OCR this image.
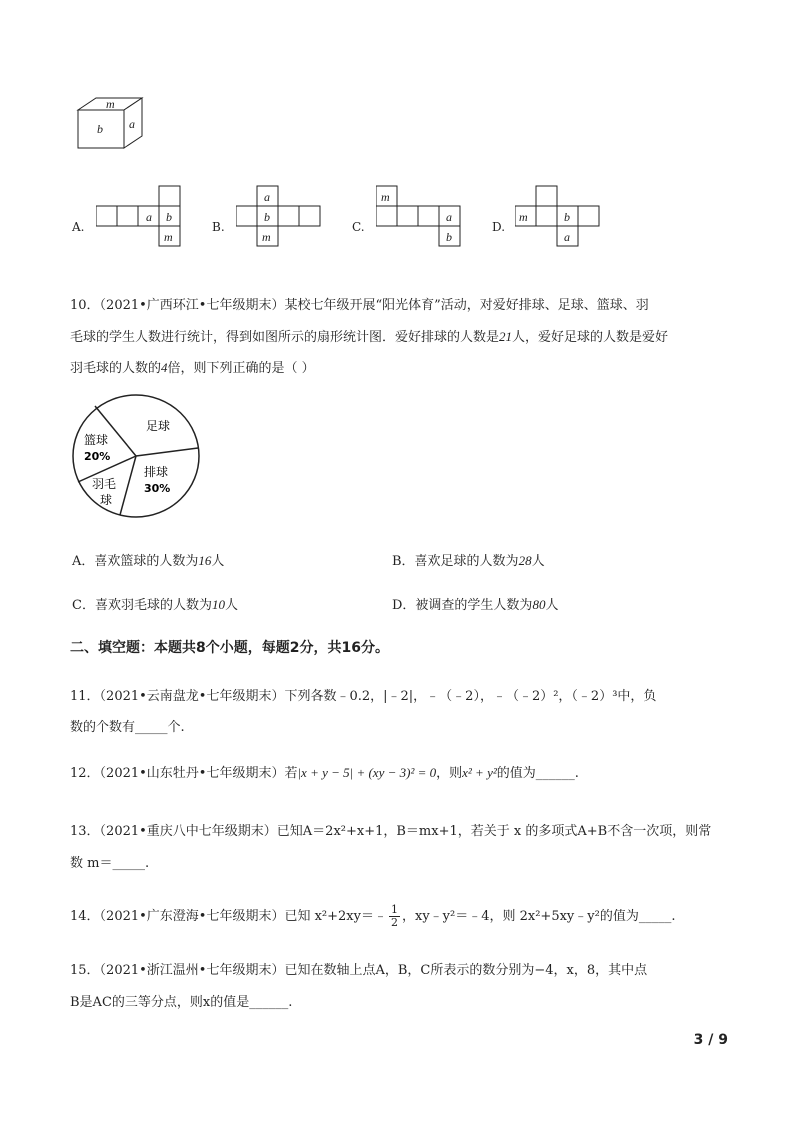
m
b a
A.
a b
m
B.
a
b
m
C.
m
a
b
D.
m	b
a
10．（2021•广西环江•七年级期末）某校七年级开展“阳光体育”活动，对爱好排球、足球、篮球、羽
毛球的学生人数进行统计，得到如图所示的扇形统计图．爱好排球的人数是21人，爱好足球的人数是爱好
羽毛球的人数的4倍，则下列正确的是（ ）
足球
篮球
20%
羽毛
球
排球
30%
A．喜欢篮球的人数为16人	B．喜欢足球的人数为28人
C．喜欢羽毛球的人数为10人	D．被调查的学生人数为80人
二、填空题：本题共8个小题，每题2分，共16分。
11．（2021•云南盘龙•七年级期末）下列各数﹣0.2，|﹣2|，﹣（﹣2），﹣（﹣2）²，（﹣2）³中，负
数的个数有_____个.
12．（2021•山东牡丹•七年级期末）若|x + y − 5| + (xy − 3)² = 0，则x² + y²的值为______.
13．（2021•重庆八中七年级期末）已知A＝2x²+x+1，B＝mx+1，若关于 x 的多项式A+B不含一次项，则常
数 m＝_____.
14．（2021•广东澄海•七年级期末）已知 x²+2xy＝﹣ $\frac{1}{2}$ ，xy﹣y²＝﹣4，则 2x²+5xy﹣y²的值为_____.
15．（2021•浙江温州•七年级期末）已知在数轴上点A，B，C所表示的数分别为−4，x，8，其中点
B是AC的三等分点，则x的值是______.
3 / 9
